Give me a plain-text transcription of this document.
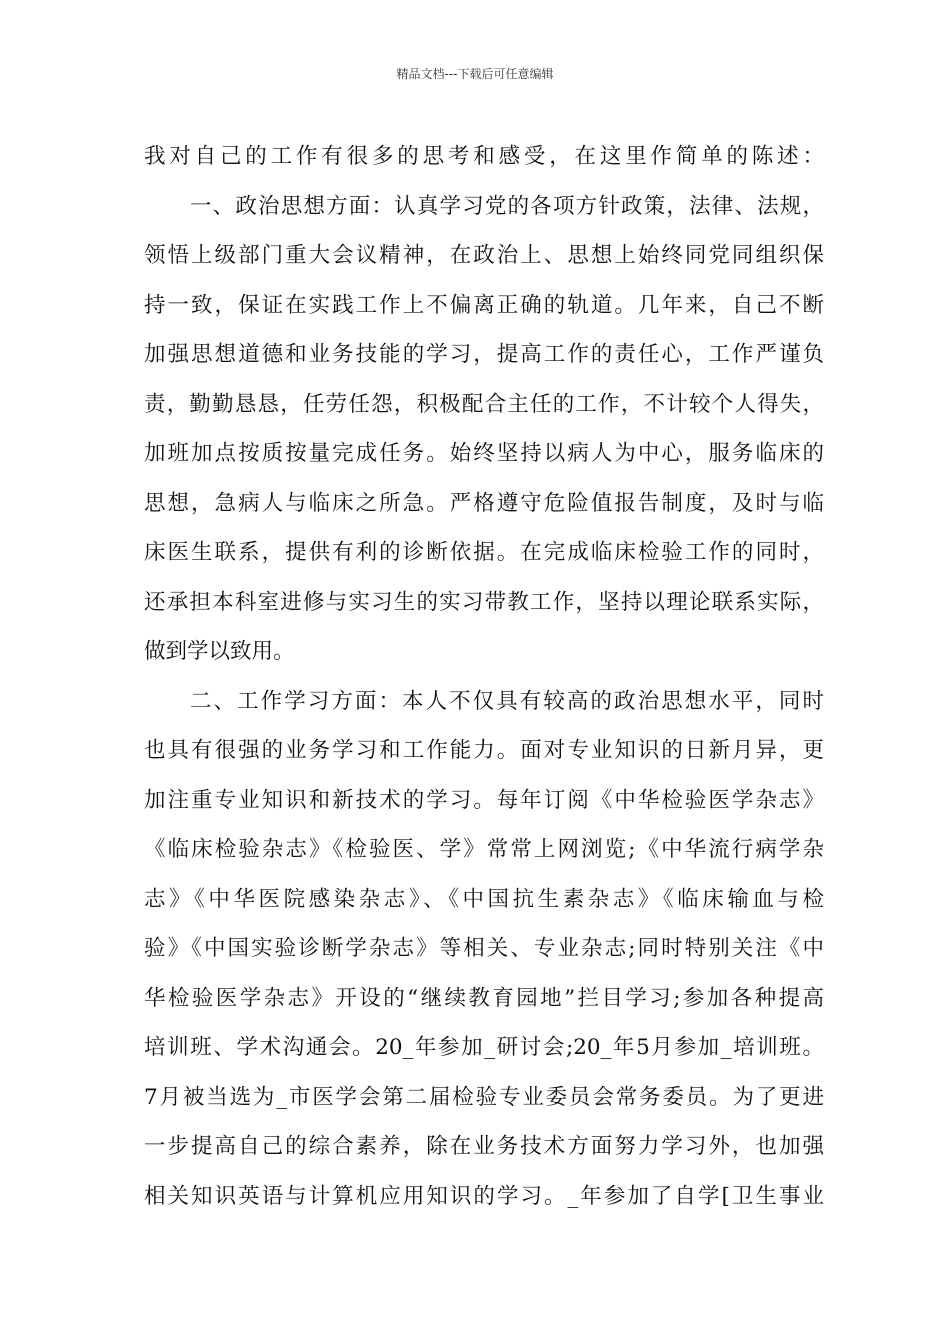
精品文档---下载后可任意编辑
我对自己的工作有很多的思考和感受，在这里作简单的陈述：
一、政治思想方面：认真学习党的各项方针政策，法律、法规，
领悟上级部门重大会议精神，在政治上、思想上始终同党同组织保
持一致，保证在实践工作上不偏离正确的轨道。几年来，自己不断
加强思想道德和业务技能的学习，提高工作的责任心，工作严谨负
责，勤勤恳恳，任劳任怨，积极配合主任的工作，不计较个人得失，
加班加点按质按量完成任务。始终坚持以病人为中心，服务临床的
思想，急病人与临床之所急。严格遵守危险值报告制度，及时与临
床医生联系，提供有利的诊断依据。在完成临床检验工作的同时，
还承担本科室进修与实习生的实习带教工作，坚持以理论联系实际，
做到学以致用。
二、工作学习方面：本人不仅具有较高的政治思想水平，同时
也具有很强的业务学习和工作能力。面对专业知识的日新月异，更
加注重专业知识和新技术的学习。每年订阅《中华检验医学杂志》
《临床检验杂志》《检验医、学》常常上网浏览;《中华流行病学杂
志》《中华医院感染杂志》、《中国抗生素杂志》《临床输血与检
验》《中国实验诊断学杂志》等相关、专业杂志;同时特别关注《中
华检验医学杂志》开设的“继续教育园地”拦目学习;参加各种提高
培训班、学术沟通会。20_年参加_研讨会;20_年5月参加_培训班。
7月被当选为_市医学会第二届检验专业委员会常务委员。为了更进
一步提高自己的综合素养，除在业务技术方面努力学习外，也加强
相关知识英语与计算机应用知识的学习。_年参加了自学[卫生事业
